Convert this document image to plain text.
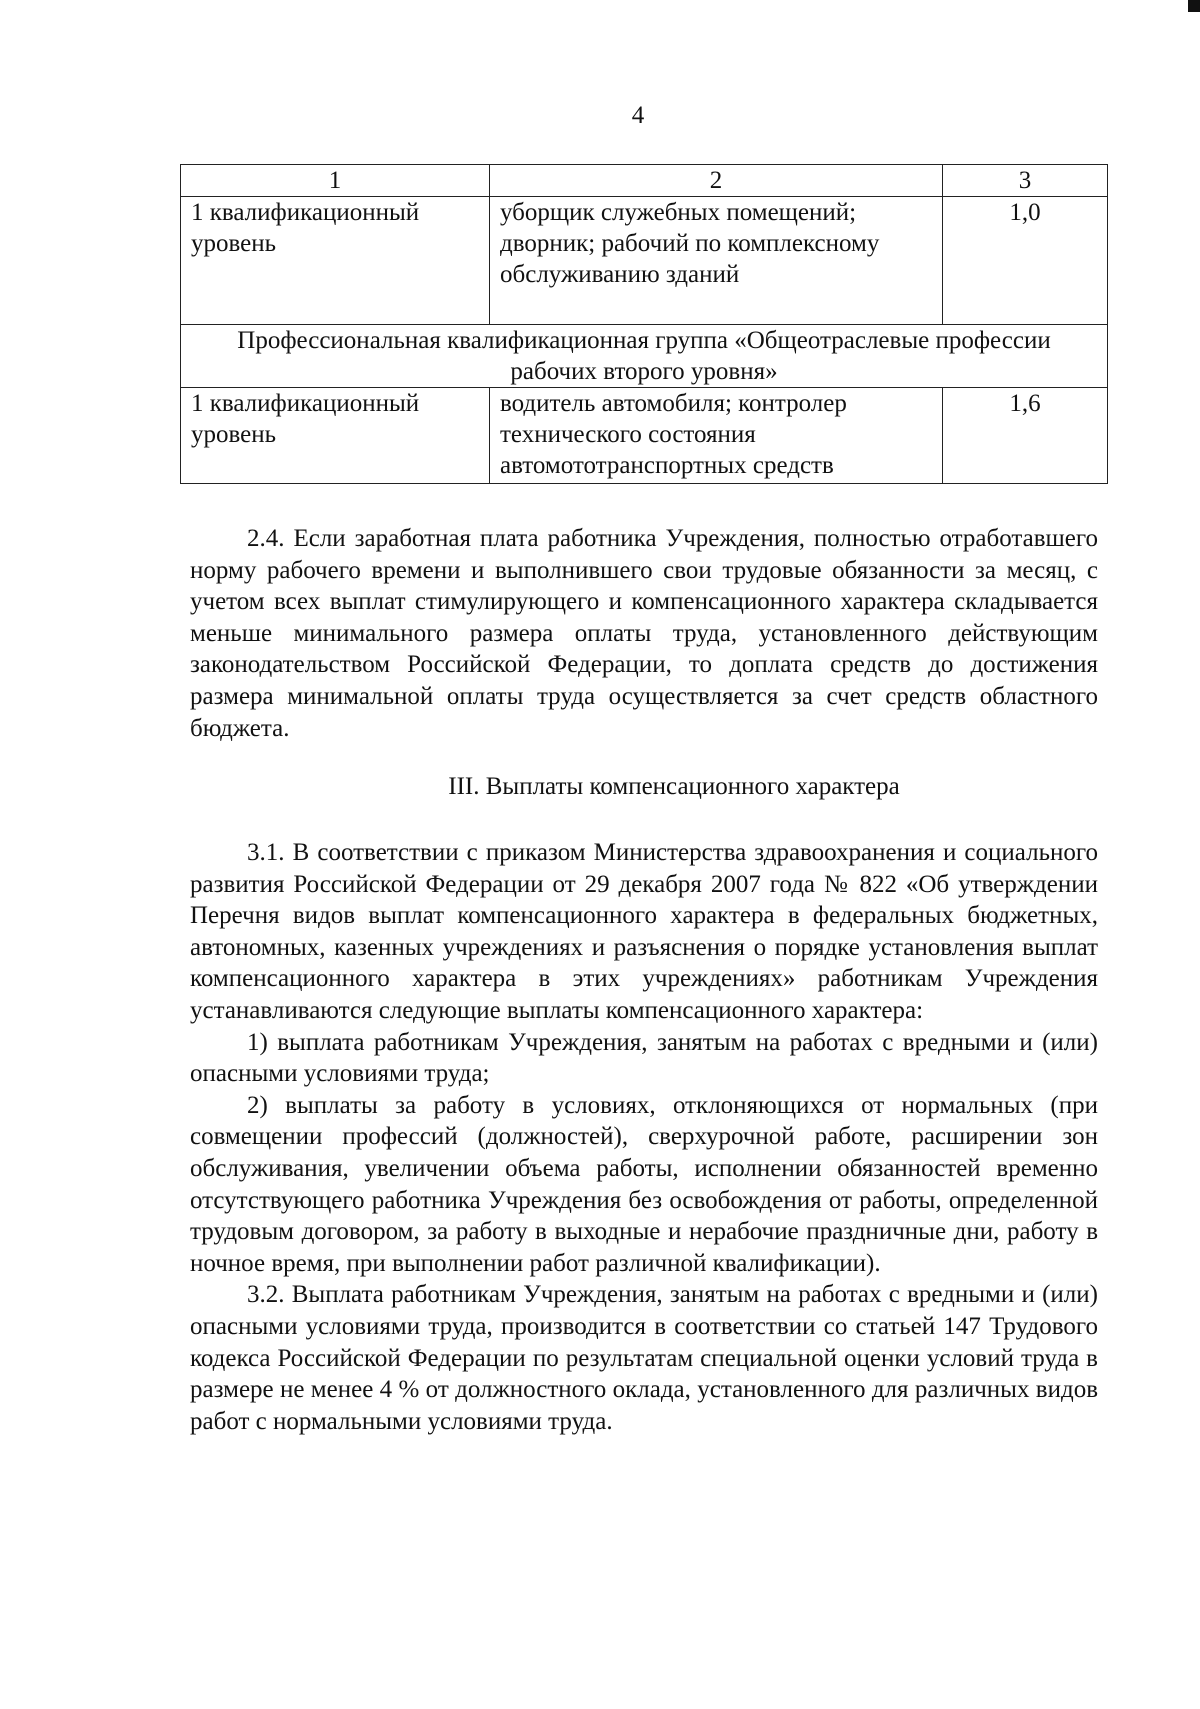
4
1	2	3
1 квалификационный уровень	уборщик служебных помещений; дворник; рабочий по комплексному обслуживанию зданий	1,0
Профессиональная квалификационная группа «Общеотраслевые профессии рабочих второго уровня»		
1 квалификационный уровень	водитель автомобиля; контролер технического состояния автомототранспортных средств	1,6

2.4. Если заработная плата работника Учреждения, полностью отработавшего норму рабочего времени и выполнившего свои трудовые обязанности за месяц, с учетом всех выплат стимулирующего и компенсационного характера складывается меньше минимального размера оплаты труда, установленного действующим законодательством Российской Федерации, то доплата средств до достижения размера минимальной оплаты труда осуществляется за счет средств областного бюджета.

III. Выплаты компенсационного характера

3.1. В соответствии с приказом Министерства здравоохранения и социального развития Российской Федерации от 29 декабря 2007 года № 822 «Об утверждении Перечня видов выплат компенсационного характера в федеральных бюджетных, автономных, казенных учреждениях и разъяснения о порядке установления выплат компенсационного характера в этих учреждениях» работникам Учреждения устанавливаются следующие выплаты компенсационного характера:

1) выплата работникам Учреждения, занятым на работах с вредными и (или) опасными условиями труда;

2) выплаты за работу в условиях, отклоняющихся от нормальных (при совмещении профессий (должностей), сверхурочной работе, расширении зон обслуживания, увеличении объема работы, исполнении обязанностей временно отсутствующего работника Учреждения без освобождения от работы, определенной трудовым договором, за работу в выходные и нерабочие праздничные дни, работу в ночное время, при выполнении работ различной квалификации).

3.2. Выплата работникам Учреждения, занятым на работах с вредными и (или) опасными условиями труда, производится в соответствии со статьей 147 Трудового кодекса Российской Федерации по результатам специальной оценки условий труда в размере не менее 4 % от должностного оклада, установленного для различных видов работ с нормальными условиями труда.
